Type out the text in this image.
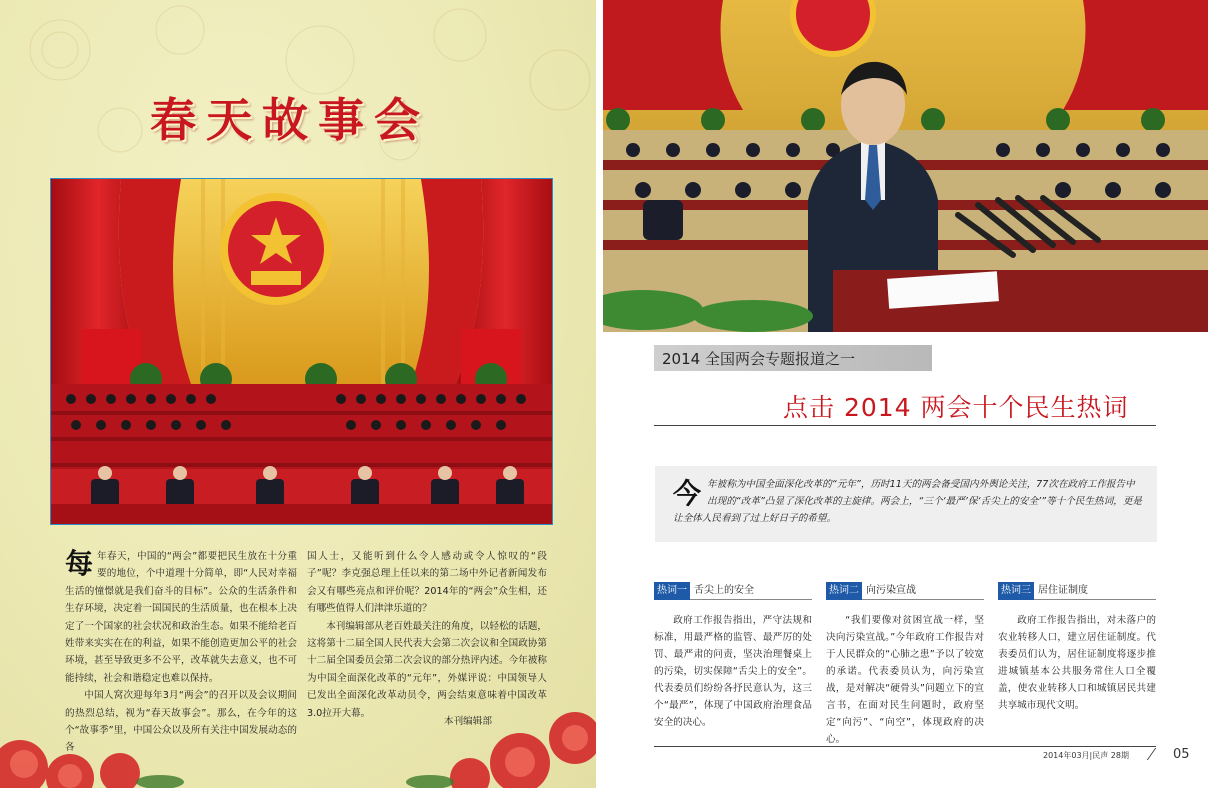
春天故事会
每 年春天，中国的“两会”都要把民生放在十分重要的地位，个中道理十分简单，即“人民对幸福生活的憧憬就是我们奋斗的目标”。公众的生活条件和生存环境，决定着一国国民的生活质量，也在根本上决定了一个国家的社会状况和政治生态。如果不能给老百姓带来实实在在的利益，如果不能创造更加公平的社会环境，甚至导致更多不公平，改革就失去意义，也不可能持续，社会和谐稳定也难以保持。

中国人窝次迎每年3月“两会”的召开以及会议期间的热烈总结，视为“春天故事会”。那么，在今年的这个“故事季”里，中国公众以及所有关注中国发展动态的各

国人士，又能听到什么令人感动或令人惊叹的“段子”呢？李克强总理上任以来的第二场中外记者新闻发布会又有哪些亮点和评价呢？2014年的“两会”众生相，还有哪些值得人们津津乐道的？

本刊编辑部从老百姓最关注的角度，以轻松的话题，这将第十二届全国人民代表大会第二次会议和全国政协第十二届全国委员会第二次会议的部分热评内述。今年被称为中国全面深化改革的“元年”，外媒评说：中国领导人已发出全面深化改革动员令，两会结束意味着中国改革3.0拉开大幕。

本刊编辑部
2014 全国两会专题报道之一
点击 2014 两会十个民生热词
今 年被称为中国全面深化改革的“元年”，历时11天的两会备受国内外舆论关注，77次在政府工作报告中出现的“改革”凸显了深化改革的主旋律。两会上，“三个‘最严’保‘舌尖上的安全’”等十个民生热词，更是让全体人民看到了过上好日子的希望。
热词一 舌尖上的安全	热词二 向污染宣战	热词三 居住证制度
政府工作报告指出，严守法规和标准，用最严格的监管、最严厉的处罚、最严肃的问责，坚决治理餐桌上的污染，切实保障“舌尖上的安全”。代表委员们纷纷各抒民意认为，这三个“最严”，体现了中国政府治理食品安全的决心。
“我们要像对贫困宣战一样，坚决向污染宣战。”今年政府工作报告对于人民群众的“心肺之患”予以了较宽的承诺。代表委员认为，向污染宣战，是对解决“硬骨头”问题立下的宣言书，在面对民生问题时，政府坚定“向污”、“向空”，体现政府的决心。
政府工作报告指出，对未落户的农业转移人口，建立居住证制度。代表委员们认为，居住证制度将逐步推进城镇基本公共服务常住人口全覆盖，使农业转移人口和城镇居民共建共享城市现代文明。
2014年03月|民声 28期	05
